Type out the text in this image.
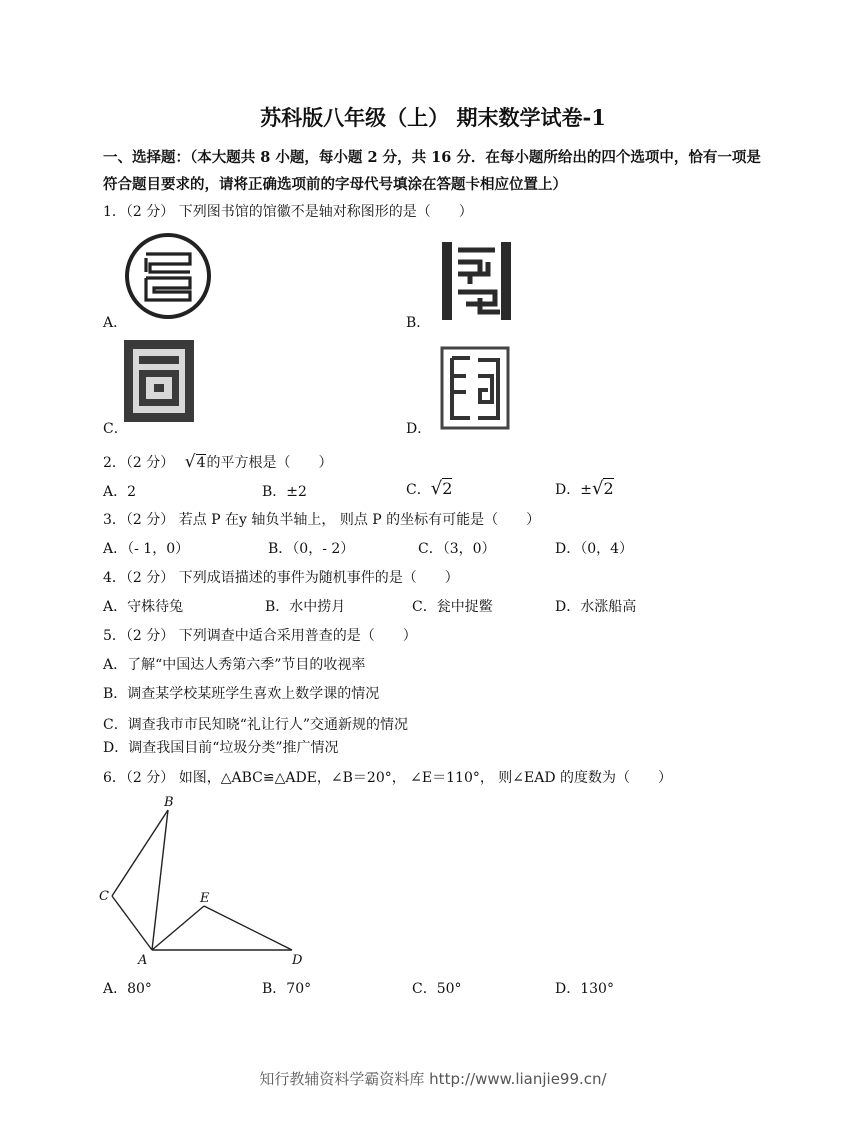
苏科版八年级（上） 期末数学试卷-1
一、选择题：（本大题共 8 小题，每小题 2 分，共 16 分．在每小题所给出的四个选项中，恰有一项是
符合题目要求的，请将正确选项前的字母代号填涂在答题卡相应位置上）
1．（2 分） 下列图书馆的馆徽不是轴对称图形的是（　　）
A．	B．
C．	D．
2．（2 分） √4的平方根是（　　）
A．2	B．±2	C．√2	D．±√2
3．（2 分） 若点 P 在y 轴负半轴上， 则点 P 的坐标有可能是（　　）
A．（- 1，0）	B．（0，- 2）	C．（3，0）	D．（0，4）
4．（2 分） 下列成语描述的事件为随机事件的是（　　）
A．守株待兔	B．水中捞月	C．瓮中捉鳖	D．水涨船高
5．（2 分） 下列调查中适合采用普查的是（　　）
A．了解“中国达人秀第六季”节目的收视率
B．调查某学校某班学生喜欢上数学课的情况
C．调查我市市民知晓“礼让行人”交通新规的情况
D．调查我国目前“垃圾分类”推广情况
6．（2 分） 如图，△ABC≌△ADE，∠B＝20°， ∠E＝110°， 则∠EAD 的度数为（　　）
B
C	E
A	D
A．80°	B．70°	C．50°	D．130°
知行教辅资料学霸资料库 http://www.lianjie99.cn/
